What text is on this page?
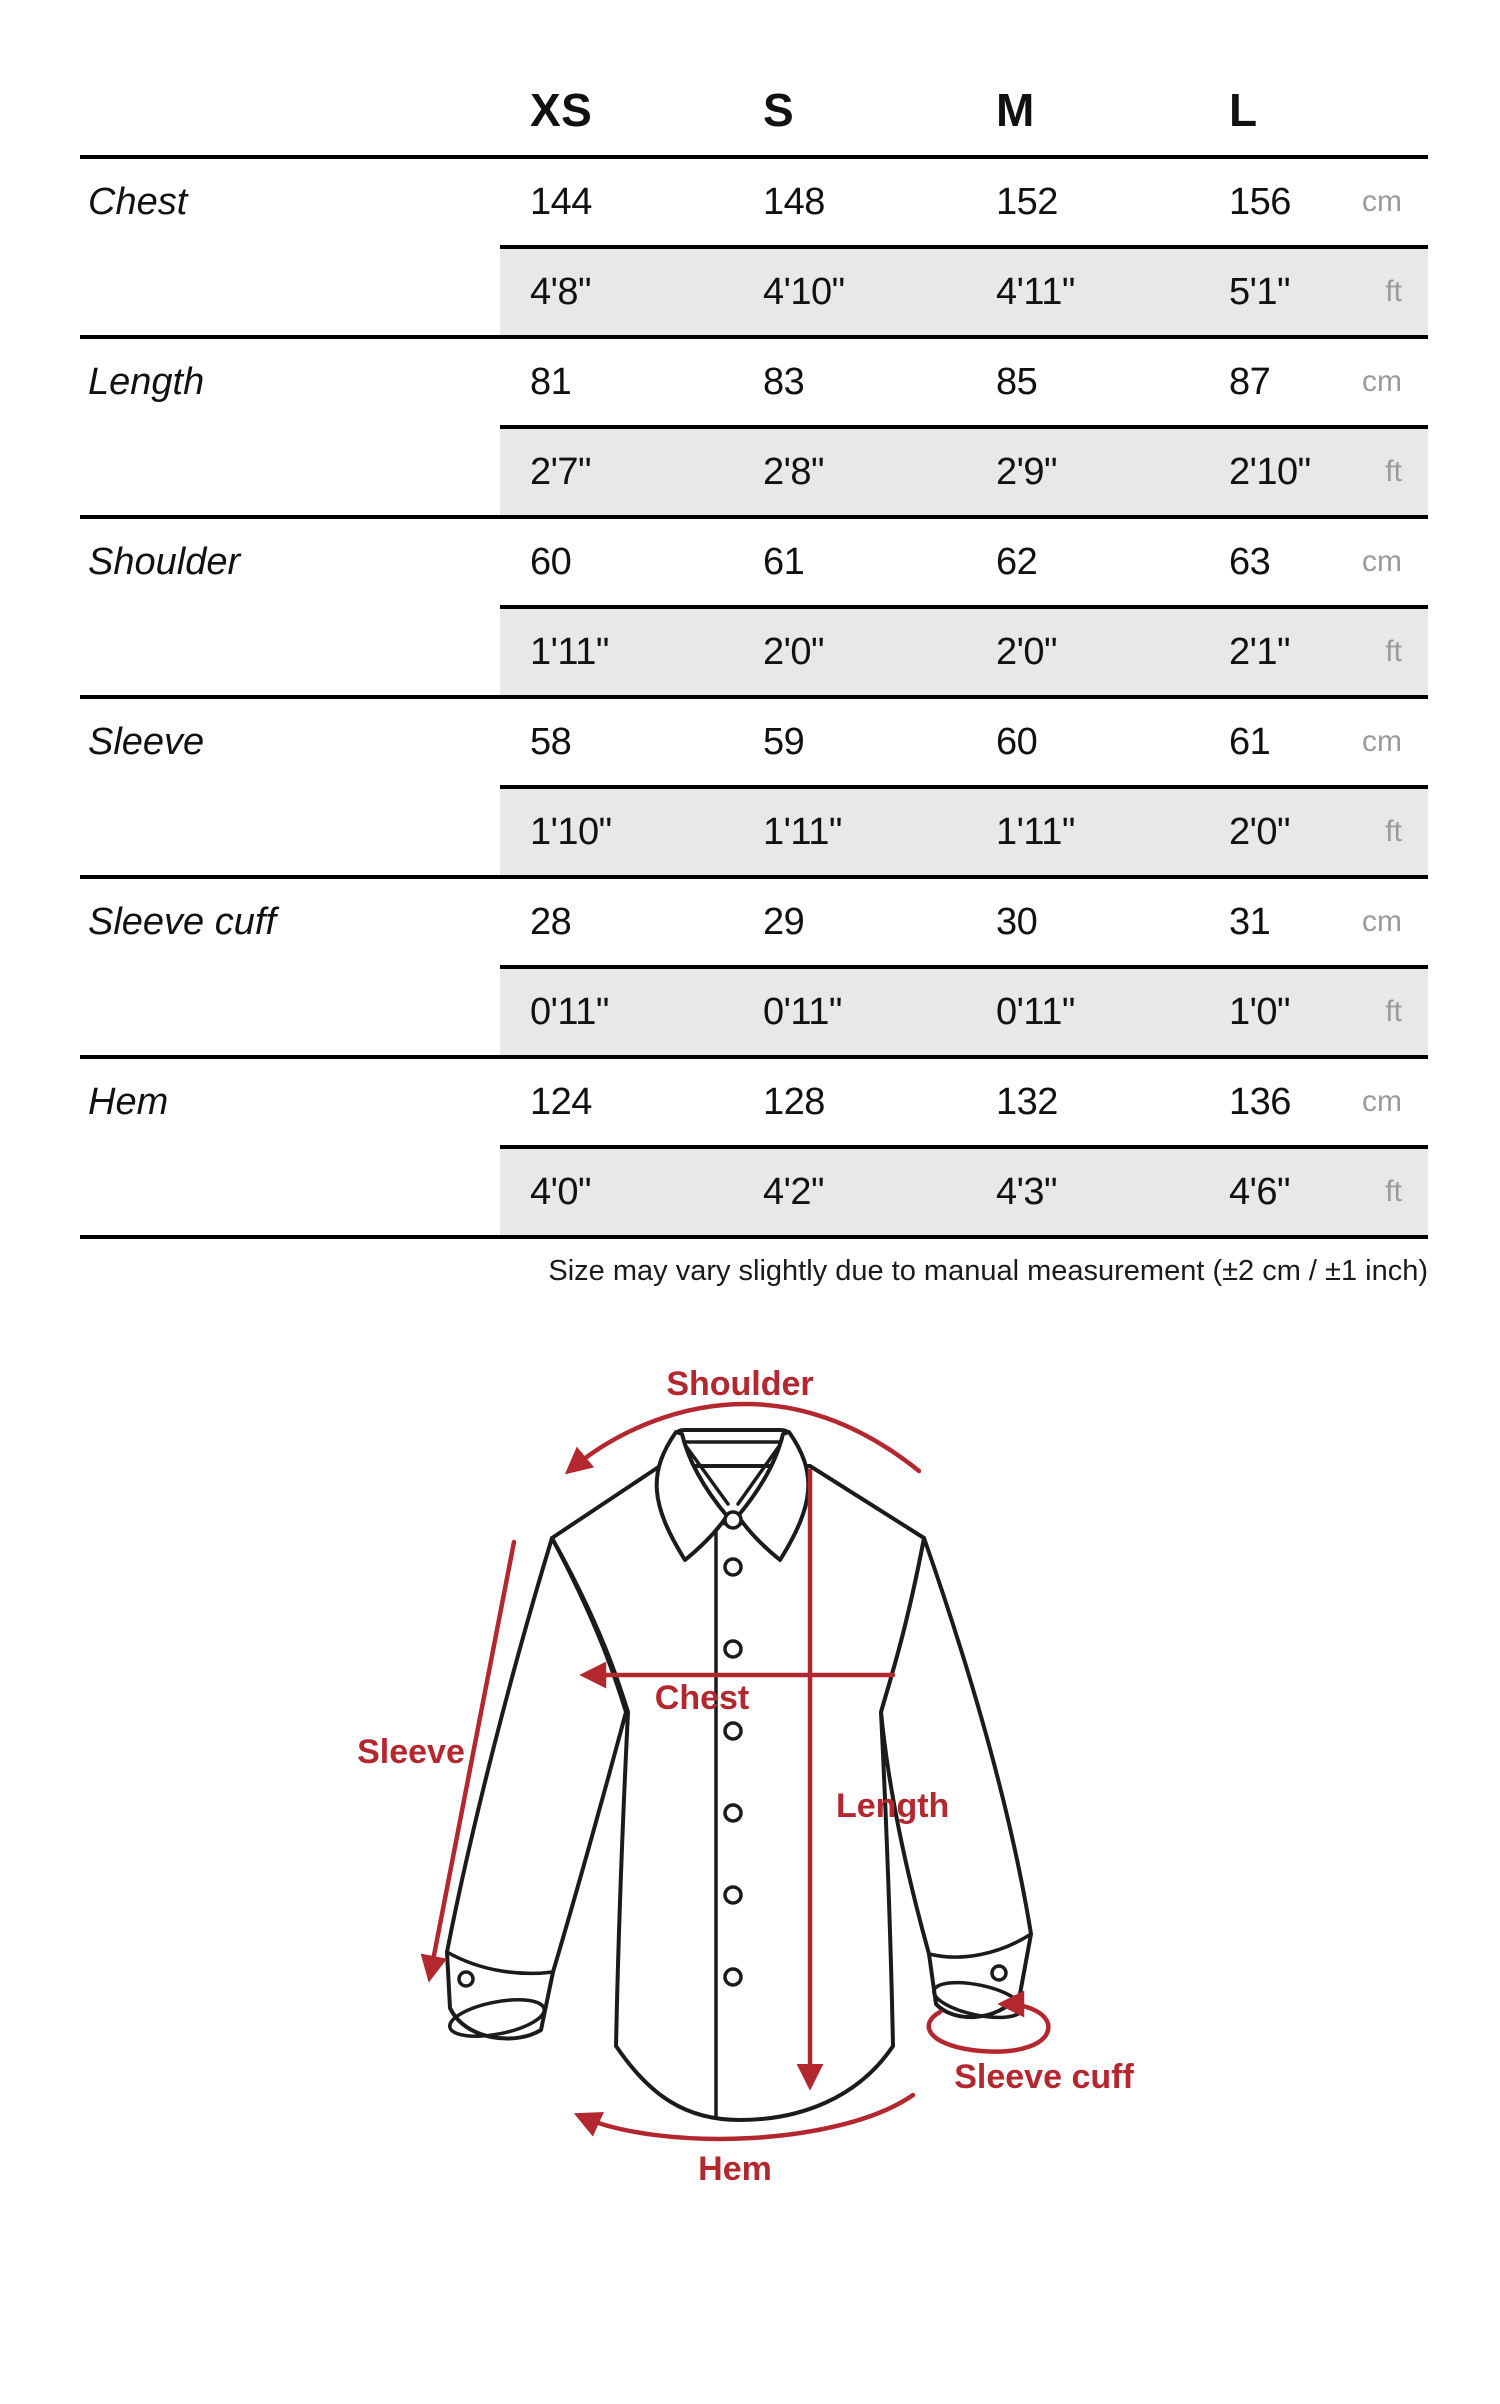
XS	S	M	L
Chest	144	148	152	156	cm
4'8"	4'10"	4'11"	5'1"	ft
Length	81	83	85	87	cm
2'7"	2'8"	2'9"	2'10"	ft
Shoulder	60	61	62	63	cm
1'11"	2'0"	2'0"	2'1"	ft
Sleeve	58	59	60	61	cm
1'10"	1'11"	1'11"	2'0"	ft
Sleeve cuff	28	29	30	31	cm
0'11"	0'11"	0'11"	1'0"	ft
Hem	124	128	132	136	cm
4'0"	4'2"	4'3"	4'6"	ft
Size may vary slightly due to manual measurement (±2 cm / ±1 inch)
Shoulder
Chest
Length
Sleeve
Sleeve cuff
Hem
